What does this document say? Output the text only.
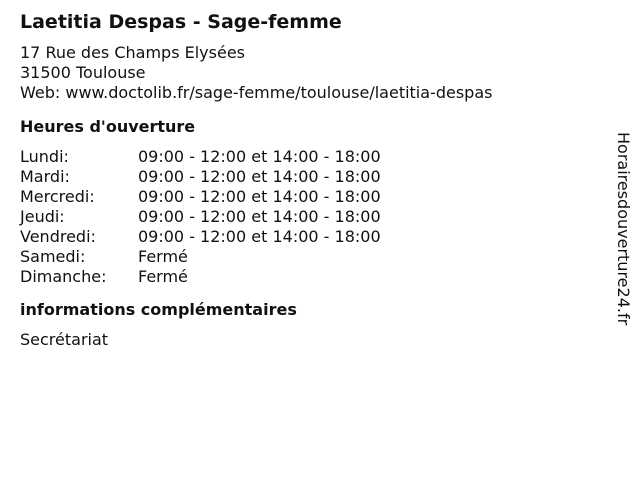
Laetitia Despas - Sage-femme
17 Rue des Champs Elysées
31500 Toulouse
Web: www.doctolib.fr/sage-femme/toulouse/laetitia-despas
Heures d'ouverture
Lundi:	09:00 - 12:00 et 14:00 - 18:00
Mardi:	09:00 - 12:00 et 14:00 - 18:00
Mercredi:	09:00 - 12:00 et 14:00 - 18:00
Jeudi:	09:00 - 12:00 et 14:00 - 18:00
Vendredi:	09:00 - 12:00 et 14:00 - 18:00
Samedi:	Fermé
Dimanche:	Fermé
informations complémentaires
Secrétariat
Horairesdouverture24.fr
